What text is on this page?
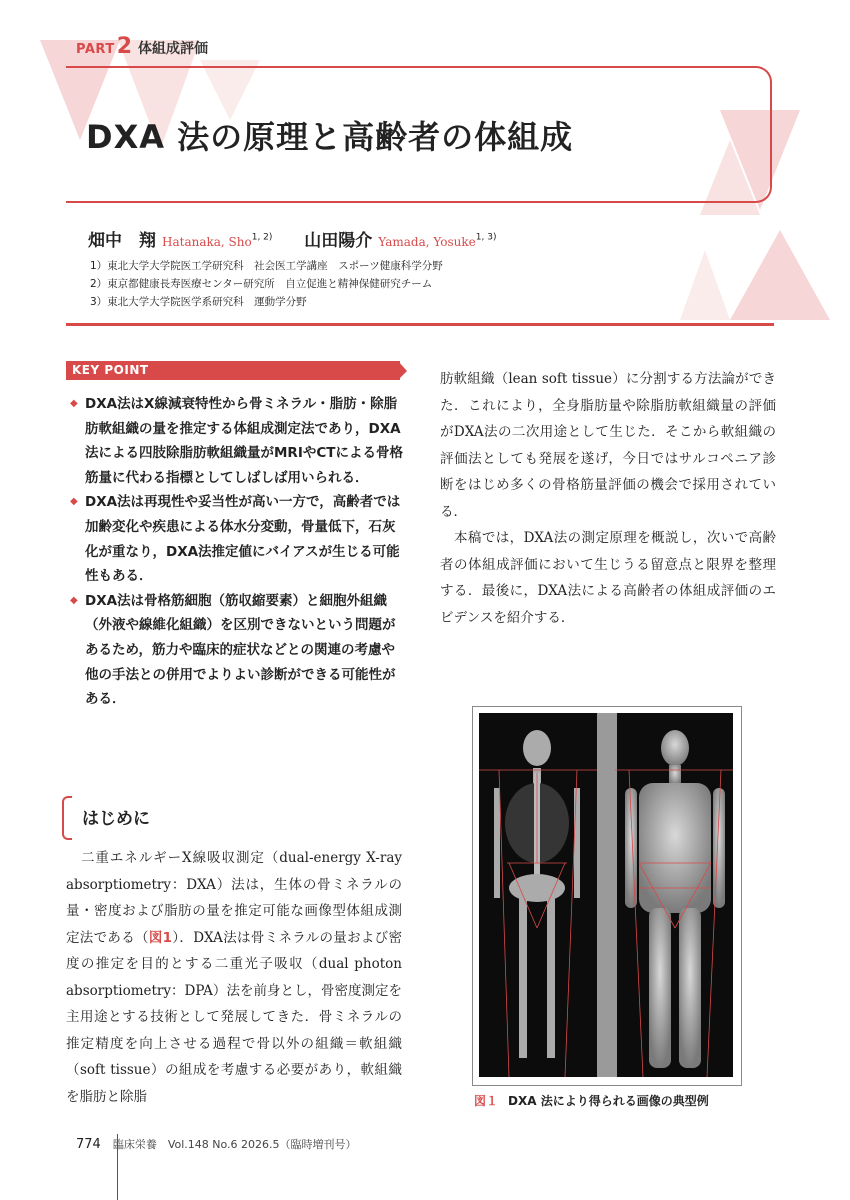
PART2 体組成評価
DXA 法の原理と高齢者の体組成
畑中　翔 Hatanaka, Sho$^{1, 2)}$ 山田陽介 Yamada, Yosuke$^{1, 3)}$
1）東北大学大学院医工学研究科　社会医工学講座　スポーツ健康科学分野
2）東京都健康長寿医療センター研究所　自立促進と精神保健研究チーム
3）東北大学大学院医学系研究科　運動学分野
KEY POINT
◆ DXA法はX線減衰特性から骨ミネラル・脂肪・除脂肪軟組織の量を推定する体組成測定法であり，DXA法による四肢除脂肪軟組織量がMRIやCTによる骨格筋量に代わる指標としてしばしば用いられる．
◆ DXA法は再現性や妥当性が高い一方で，高齢者では加齢変化や疾患による体水分変動，骨量低下，石灰化が重なり，DXA法推定値にバイアスが生じる可能性もある．
◆ DXA法は骨格筋細胞（筋収縮要素）と細胞外組織（外液や線維化組織）を区別できないという問題があるため，筋力や臨床的症状などとの関連の考慮や他の手法との併用でよりよい診断ができる可能性がある．
はじめに
二重エネルギーX線吸収測定（dual-energy X-ray absorptiometry：DXA）法は，生体の骨ミネラルの量・密度および脂肪の量を推定可能な画像型体組成測定法である（図1）．DXA法は骨ミネラルの量および密度の推定を目的とする二重光子吸収（dual photon absorptiometry：DPA）法を前身とし，骨密度測定を主用途とする技術として発展してきた．骨ミネラルの推定精度を向上させる過程で骨以外の組織＝軟組織（soft tissue）の組成を考慮する必要があり，軟組織を脂肪と除脂
肪軟組織（lean soft tissue）に分割する方法論ができた．これにより，全身脂肪量や除脂肪軟組織量の評価がDXA法の二次用途として生じた．そこから軟組織の評価法としても発展を遂げ，今日ではサルコペニア診断をはじめ多くの骨格筋量評価の機会で採用されている．
本稿では，DXA法の測定原理を概説し，次いで高齢者の体組成評価において生じうる留意点と限界を整理する．最後に，DXA法による高齢者の体組成評価のエビデンスを紹介する．
図１ DXA 法により得られる画像の典型例
774 臨床栄養　Vol.148 No.6 2026.5（臨時増刊号）
